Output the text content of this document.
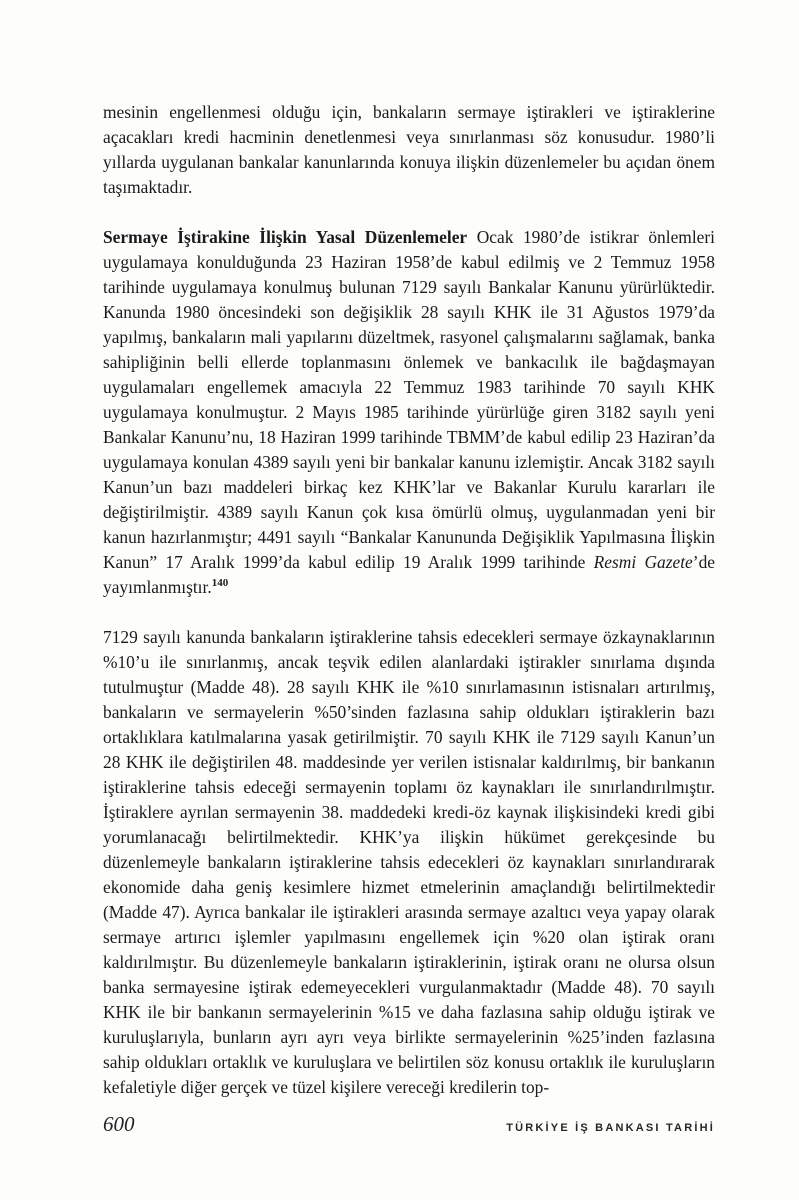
mesinin engellenmesi olduğu için, bankaların sermaye iştirakleri ve iştiraklerine açacakları kredi hacminin denetlenmesi veya sınırlanması söz konusudur. 1980’li yıllarda uygulanan bankalar kanunlarında konuya ilişkin düzenlemeler bu açıdan önem taşımaktadır.

Sermaye İştirakine İlişkin Yasal Düzenlemeler Ocak 1980’de istikrar önlemleri uygulamaya konulduğunda 23 Haziran 1958’de kabul edilmiş ve 2 Temmuz 1958 tarihinde uygulamaya konulmuş bulunan 7129 sayılı Bankalar Kanunu yürürlüktedir. Kanunda 1980 öncesindeki son değişiklik 28 sayılı KHK ile 31 Ağustos 1979’da yapılmış, bankaların mali yapılarını düzeltmek, rasyonel çalışmalarını sağlamak, banka sahipliğinin belli ellerde toplanmasını önlemek ve bankacılık ile bağdaşmayan uygulamaları engellemek amacıyla 22 Temmuz 1983 tarihinde 70 sayılı KHK uygulamaya konulmuştur. 2 Mayıs 1985 tarihinde yürürlüğe giren 3182 sayılı yeni Bankalar Kanunu’nu, 18 Haziran 1999 tarihinde TBMM’de kabul edilip 23 Haziran’da uygulamaya konulan 4389 sayılı yeni bir bankalar kanunu izlemiştir. Ancak 3182 sayılı Kanun’un bazı maddeleri birkaç kez KHK’lar ve Bakanlar Kurulu kararları ile değiştirilmiştir. 4389 sayılı Kanun çok kısa ömürlü olmuş, uygulanmadan yeni bir kanun hazırlanmıştır; 4491 sayılı “Bankalar Kanununda Değişiklik Yapılmasına İlişkin Kanun” 17 Aralık 1999’da kabul edilip 19 Aralık 1999 tarihinde Resmi Gazete’de yayımlanmıştır.$^{140}$

7129 sayılı kanunda bankaların iştiraklerine tahsis edecekleri sermaye özkaynaklarının %10’u ile sınırlanmış, ancak teşvik edilen alanlardaki iştirakler sınırlama dışında tutulmuştur (Madde 48). 28 sayılı KHK ile %10 sınırlamasının istisnaları artırılmış, bankaların ve sermayelerin %50’sinden fazlasına sahip oldukları iştiraklerin bazı ortaklıklara katılmalarına yasak getirilmiştir. 70 sayılı KHK ile 7129 sayılı Kanun’un 28 KHK ile değiştirilen 48. maddesinde yer verilen istisnalar kaldırılmış, bir bankanın iştiraklerine tahsis edeceği sermayenin toplamı öz kaynakları ile sınırlandırılmıştır. İştiraklere ayrılan sermayenin 38. maddedeki kredi-öz kaynak ilişkisindeki kredi gibi yorumlanacağı belirtilmektedir. KHK’ya ilişkin hükümet gerekçesinde bu düzenlemeyle bankaların iştiraklerine tahsis edecekleri öz kaynakları sınırlandırarak ekonomide daha geniş kesimlere hizmet etmelerinin amaçlandığı belirtilmektedir (Madde 47). Ayrıca bankalar ile iştirakleri arasında sermaye azaltıcı veya yapay olarak sermaye artırıcı işlemler yapılmasını engellemek için %20 olan iştirak oranı kaldırılmıştır. Bu düzenlemeyle bankaların iştiraklerinin, iştirak oranı ne olursa olsun banka sermayesine iştirak edemeyecekleri vurgulanmaktadır (Madde 48). 70 sayılı KHK ile bir bankanın sermayelerinin %15 ve daha fazlasına sahip olduğu iştirak ve kuruluşlarıyla, bunların ayrı ayrı veya birlikte sermayelerinin %25’inden fazlasına sahip oldukları ortaklık ve kuruluşlara ve belirtilen söz konusu ortaklık ile kuruluşların kefaletiyle diğer gerçek ve tüzel kişilere vereceği kredilerin top-

600	TÜRKİYE İŞ BANKASI TARİHİ
